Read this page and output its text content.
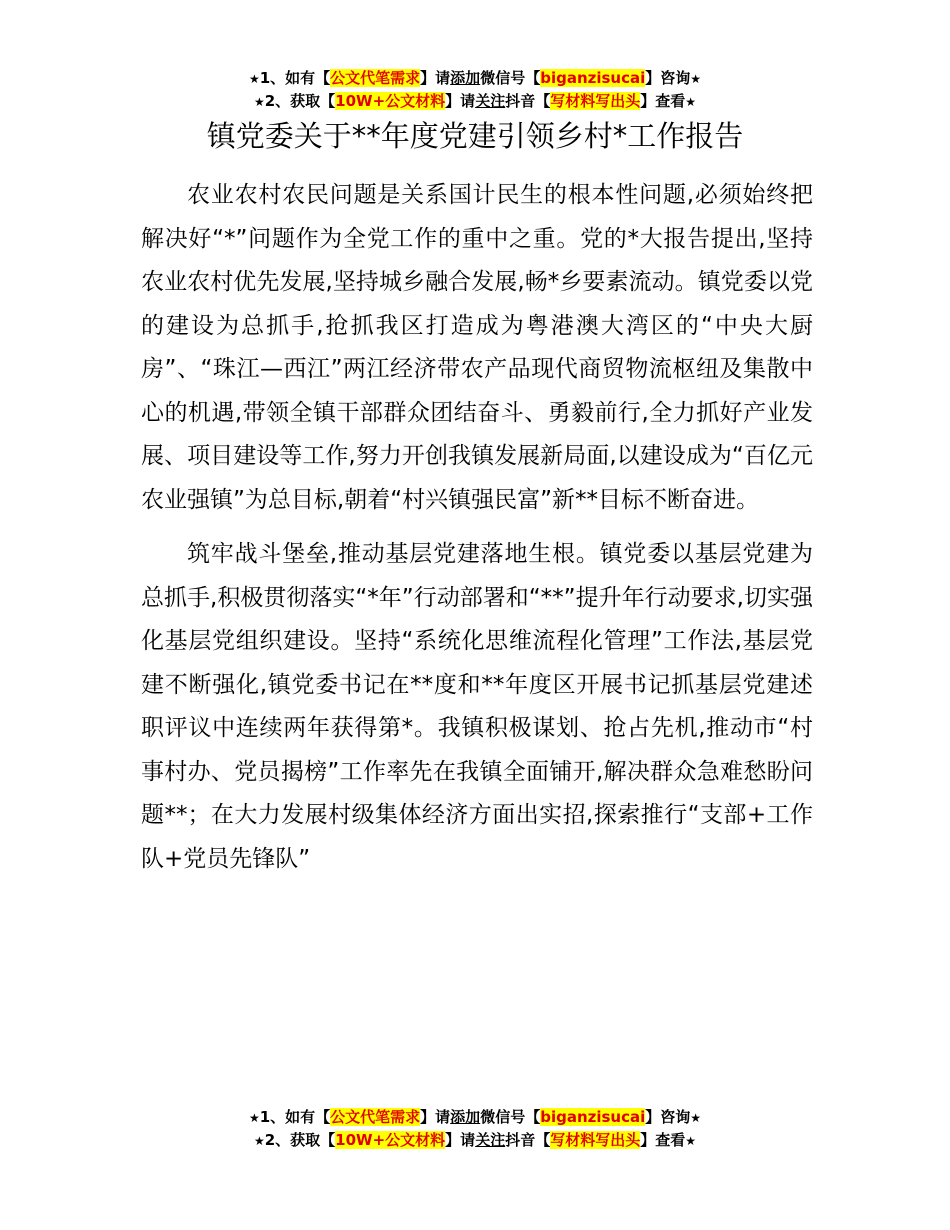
★1、如有【公文代笔需求】请添加微信号【biganzisucai】咨询★
★2、获取【10W+公文材料】请关注抖音【写材料写出头】查看★
镇党委关于**年度党建引领乡村*工作报告

农业农村农民问题是关系国计民生的根本性问题,必须始终把解决好“*”问题作为全党工作的重中之重。党的*大报告提出,坚持农业农村优先发展,坚持城乡融合发展,畅*乡要素流动。镇党委以党的建设为总抓手,抢抓我区打造成为粤港澳大湾区的“中央大厨房”、“珠江—西江”两江经济带农产品现代商贸物流枢纽及集散中心的机遇,带领全镇干部群众团结奋斗、勇毅前行,全力抓好产业发展、项目建设等工作,努力开创我镇发展新局面,以建设成为“百亿元农业强镇”为总目标,朝着“村兴镇强民富”新**目标不断奋进。

筑牢战斗堡垒,推动基层党建落地生根。镇党委以基层党建为总抓手,积极贯彻落实“*年”行动部署和“**”提升年行动要求,切实强化基层党组织建设。坚持“系统化思维流程化管理”工作法,基层党建不断强化,镇党委书记在**度和**年度区开展书记抓基层党建述职评议中连续两年获得第*。我镇积极谋划、抢占先机,推动市“村事村办、党员揭榜”工作率先在我镇全面铺开,解决群众急难愁盼问题**；在大力发展村级集体经济方面出实招,探索推行“支部+工作队+党员先锋队”

★1、如有【公文代笔需求】请添加微信号【biganzisucai】咨询★
★2、获取【10W+公文材料】请关注抖音【写材料写出头】查看★
